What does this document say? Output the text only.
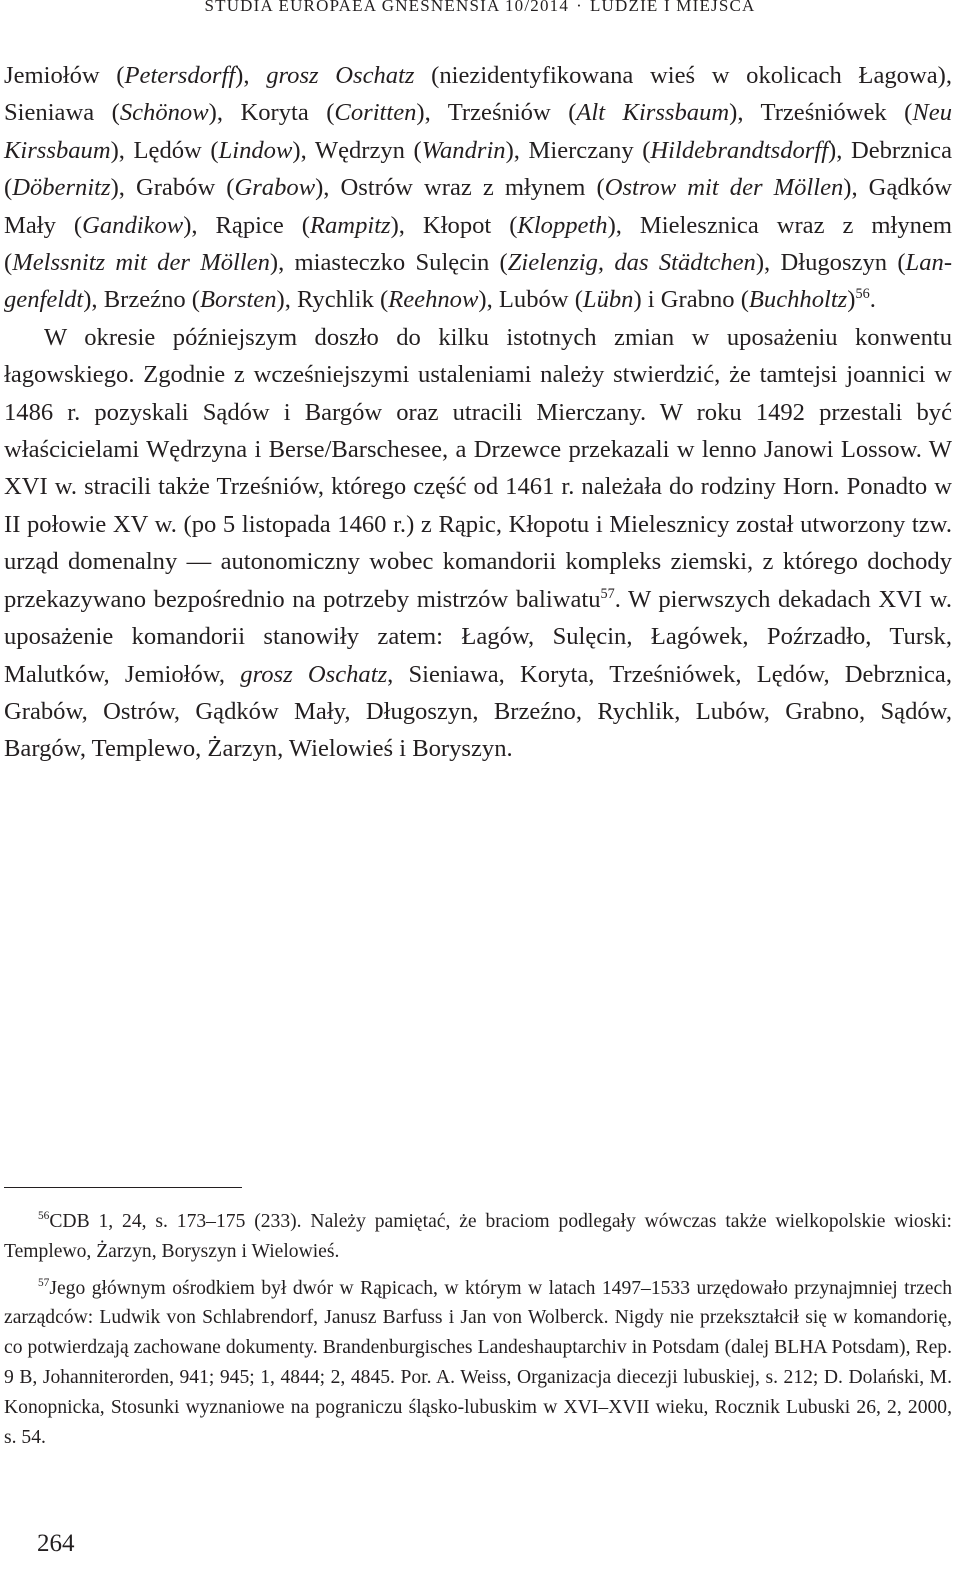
STUDIA EUROPAEA GNESNENSIA 10/2014 · LUDZIE I MIEJSCA

Jemiołów (Petersdorff), grosz Oschatz (niezidentyfikowana wieś w okolicach Łagowa), Sieniawa (Schönow), Koryta (Coritten), Trześniów (Alt Kirssbaum), Trześniówek (Neu Kirssbaum), Lędów (Lindow), Wędrzyn (Wandrin), Mierczany (Hildebrandtsdorff), Debrznica (Döbernitz), Grabów (Grabow), Ostrów wraz z młynem (Ostrow mit der Möllen), Gądków Mały (Gandikow), Rąpice (Rampitz), Kłopot (Kloppeth), Mielesznica wraz z młynem (Melssnitz mit der Möllen), miasteczko Sulęcin (Zielenzig, das Städtchen), Długoszyn (Langenfeldt), Brzeźno (Borsten), Rychlik (Reehnow), Lubów (Lübn) i Grabno (Buchholtz)$^{56}$.

W okresie późniejszym doszło do kilku istotnych zmian w uposażeniu konwentu łagowskiego. Zgodnie z wcześniejszymi ustaleniami należy stwierdzić, że tamtejsi joannici w 1486 r. pozyskali Sądów i Bargów oraz utracili Mierczany. W roku 1492 przestali być właścicielami Wędrzyna i Berse/Barschesee, a Drzewce przekazali w lenno Janowi Lossow. W XVI w. stracili także Trześniów, którego część od 1461 r. należała do rodziny Horn. Ponadto w II połowie XV w. (po 5 listopada 1460 r.) z Rąpic, Kłopotu i Mielesznicy został utworzony tzw. urząd domenalny — autonomiczny wobec komandorii kompleks ziemski, z którego dochody przekazywano bezpośrednio na potrzeby mistrzów baliwatu$^{57}$. W pierwszych dekadach XVI w. uposażenie komandorii stanowiły zatem: Łagów, Sulęcin, Łagówek, Poźrzadło, Tursk, Malutków, Jemiołów, grosz Oschatz, Sieniawa, Koryta, Trześniówek, Lędów, Debrznica, Grabów, Ostrów, Gądków Mały, Długoszyn, Brzeźno, Rychlik, Lubów, Grabno, Sądów, Bargów, Templewo, Żarzyn, Wielowieś i Boryszyn.

$^{56}$CDB 1, 24, s. 173–175 (233). Należy pamiętać, że braciom podlegały wówczas także wielkopolskie wioski: Templewo, Żarzyn, Boryszyn i Wielowieś.

$^{57}$Jego głównym ośrodkiem był dwór w Rąpicach, w którym w latach 1497–1533 urzędowało przynajmniej trzech zarządców: Ludwik von Schlabrendorf, Janusz Barfuss i Jan von Wolberck. Nigdy nie przekształcił się w komandorię, co potwierdzają zachowane dokumenty. Brandenburgisches Landeshauptarchiv in Potsdam (dalej BLHA Potsdam), Rep. 9 B, Johanniterorden, 941; 945; 1, 4844; 2, 4845. Por. A. Weiss, Organizacja diecezji lubuskiej, s. 212; D. Dolański, M. Konopnicka, Stosunki wyznaniowe na pograniczu śląsko-lubuskim w XVI–XVII wieku, Rocznik Lubuski 26, 2, 2000, s. 54.

264
